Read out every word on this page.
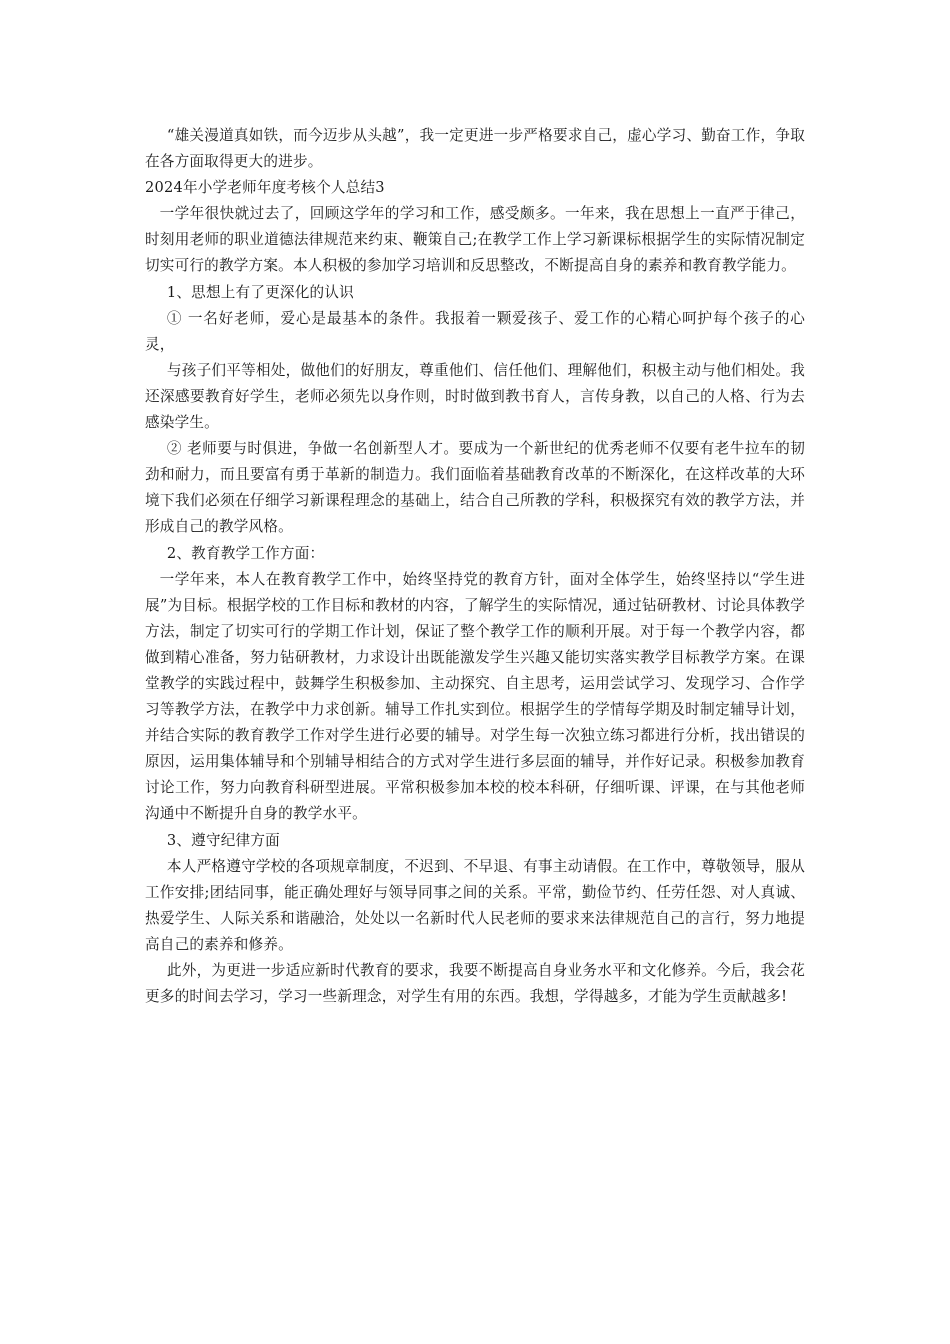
“雄关漫道真如铁，而今迈步从头越”，我一定更进一步严格要求自己，虚心学习、勤奋工作，争取在各方面取得更大的进步。

2024年小学老师年度考核个人总结3

一学年很快就过去了，回顾这学年的学习和工作，感受颇多。一年来，我在思想上一直严于律己，时刻用老师的职业道德法律规范来约束、鞭策自己;在教学工作上学习新课标根据学生的实际情况制定切实可行的教学方案。本人积极的参加学习培训和反思整改，不断提高自身的素养和教育教学能力。

1、思想上有了更深化的认识

① 一名好老师，爱心是最基本的条件。我报着一颗爱孩子、爱工作的心精心呵护每个孩子的心灵，

与孩子们平等相处，做他们的好朋友，尊重他们、信任他们、理解他们，积极主动与他们相处。我还深感要教育好学生，老师必须先以身作则，时时做到教书育人，言传身教，以自己的人格、行为去感染学生。

② 老师要与时俱进，争做一名创新型人才。要成为一个新世纪的优秀老师不仅要有老牛拉车的韧劲和耐力，而且要富有勇于革新的制造力。我们面临着基础教育改革的不断深化，在这样改革的大环境下我们必须在仔细学习新课程理念的基础上，结合自己所教的学科，积极探究有效的教学方法，并形成自己的教学风格。

2、教育教学工作方面：

一学年来，本人在教育教学工作中，始终坚持党的教育方针，面对全体学生，始终坚持以“学生进展”为目标。根据学校的工作目标和教材的内容，了解学生的实际情况，通过钻研教材、讨论具体教学方法，制定了切实可行的学期工作计划，保证了整个教学工作的顺利开展。对于每一个教学内容，都做到精心准备，努力钻研教材，力求设计出既能激发学生兴趣又能切实落实教学目标教学方案。在课堂教学的实践过程中，鼓舞学生积极参加、主动探究、自主思考，运用尝试学习、发现学习、合作学习等教学方法，在教学中力求创新。辅导工作扎实到位。根据学生的学情每学期及时制定辅导计划，并结合实际的教育教学工作对学生进行必要的辅导。对学生每一次独立练习都进行分析，找出错误的原因，运用集体辅导和个别辅导相结合的方式对学生进行多层面的辅导，并作好记录。积极参加教育讨论工作，努力向教育科研型进展。平常积极参加本校的校本科研，仔细听课、评课，在与其他老师沟通中不断提升自身的教学水平。

3、遵守纪律方面

本人严格遵守学校的各项规章制度，不迟到、不早退、有事主动请假。在工作中，尊敬领导，服从工作安排;团结同事，能正确处理好与领导同事之间的关系。平常，勤俭节约、任劳任怨、对人真诚、热爱学生、人际关系和谐融洽，处处以一名新时代人民老师的要求来法律规范自己的言行，努力地提高自己的素养和修养。

此外，为更进一步适应新时代教育的要求，我要不断提高自身业务水平和文化修养。今后，我会花更多的时间去学习，学习一些新理念，对学生有用的东西。我想，学得越多，才能为学生贡献越多!
